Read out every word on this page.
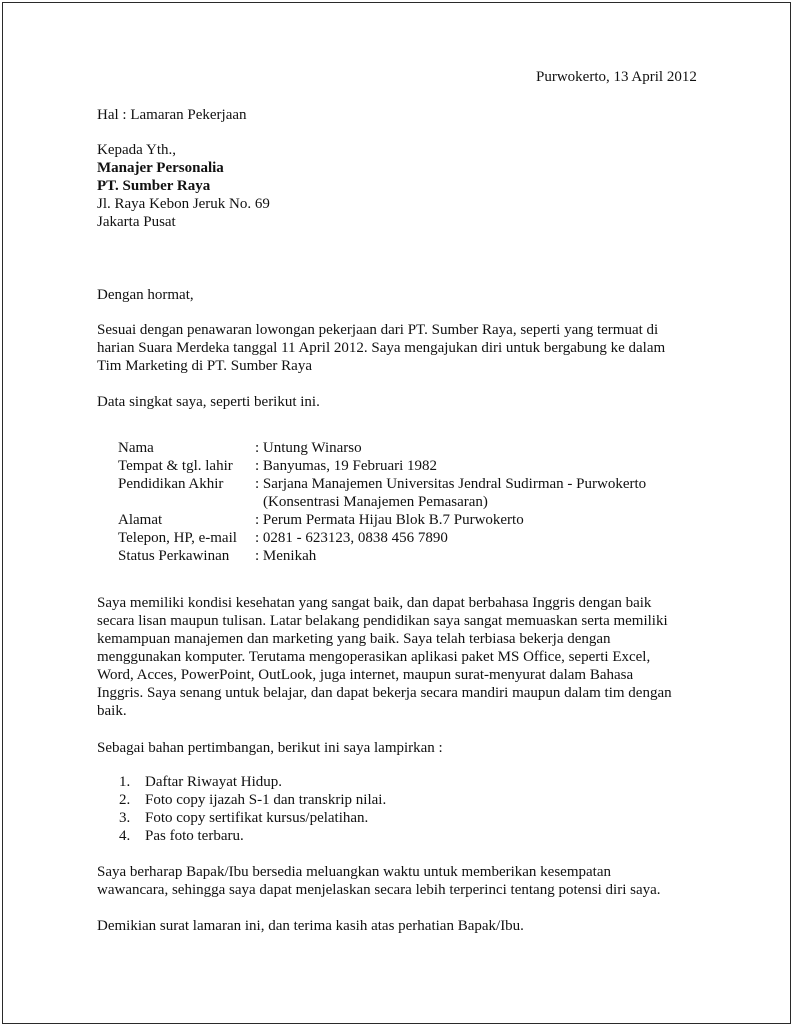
Purwokerto, 13 April 2012
Hal : Lamaran Pekerjaan
Kepada Yth.,
Manajer Personalia
PT. Sumber Raya
Jl. Raya Kebon Jeruk No. 69
Jakarta Pusat
Dengan hormat,
Sesuai dengan penawaran lowongan pekerjaan dari PT. Sumber Raya, seperti yang termuat di
harian Suara Merdeka tanggal 11 April 2012. Saya mengajukan diri untuk bergabung ke dalam
Tim Marketing di PT. Sumber Raya
Data singkat saya, seperti berikut ini.
Nama	: Untung Winarso
Tempat & tgl. lahir	: Banyumas, 19 Februari 1982
Pendidikan Akhir	: Sarjana Manajemen Universitas Jendral Sudirman - Purwokerto
(Konsentrasi Manajemen Pemasaran)
Alamat	: Perum Permata Hijau Blok B.7 Purwokerto
Telepon, HP, e-mail	: 0281 - 623123, 0838 456 7890
Status Perkawinan	: Menikah
Saya memiliki kondisi kesehatan yang sangat baik, dan dapat berbahasa Inggris dengan baik
secara lisan maupun tulisan. Latar belakang pendidikan saya sangat memuaskan serta memiliki
kemampuan manajemen dan marketing yang baik. Saya telah terbiasa bekerja dengan
menggunakan komputer. Terutama mengoperasikan aplikasi paket MS Office, seperti Excel,
Word, Acces, PowerPoint, OutLook, juga internet, maupun surat-menyurat dalam Bahasa
Inggris. Saya senang untuk belajar, dan dapat bekerja secara mandiri maupun dalam tim dengan
baik.
Sebagai bahan pertimbangan, berikut ini saya lampirkan :
1. Daftar Riwayat Hidup.
2. Foto copy ijazah S-1 dan transkrip nilai.
3. Foto copy sertifikat kursus/pelatihan.
4. Pas foto terbaru.
Saya berharap Bapak/Ibu bersedia meluangkan waktu untuk memberikan kesempatan
wawancara, sehingga saya dapat menjelaskan secara lebih terperinci tentang potensi diri saya.
Demikian surat lamaran ini, dan terima kasih atas perhatian Bapak/Ibu.
